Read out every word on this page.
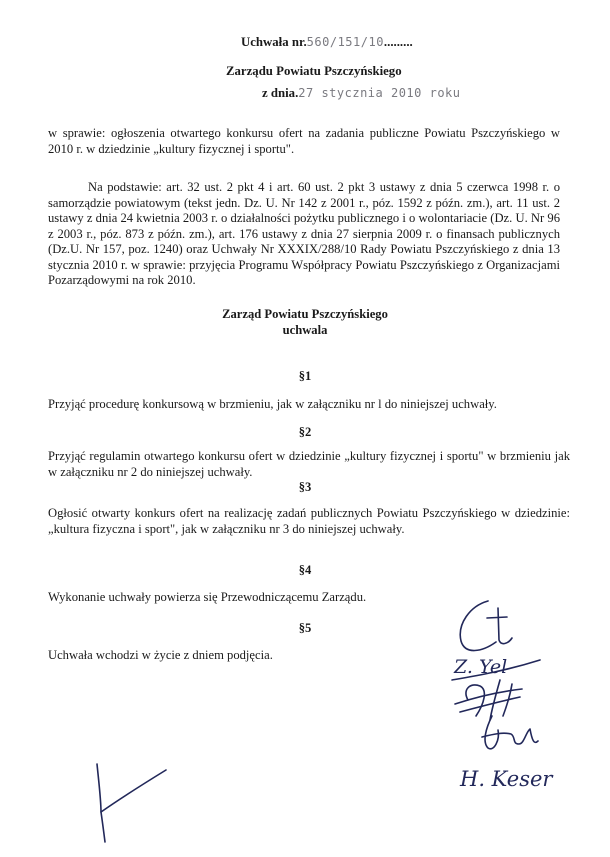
Uchwała nr.560/151/10.........
Zarządu Powiatu Pszczyńskiego
z dnia.27 stycznia 2010 roku
w sprawie: ogłoszenia otwartego konkursu ofert na zadania publiczne Powiatu Pszczyńskiego w 2010 r. w dziedzinie „kultury fizycznej i sportu".
Na podstawie: art. 32 ust. 2 pkt 4 i art. 60 ust. 2 pkt 3 ustawy z dnia 5 czerwca 1998 r. o samorządzie powiatowym (tekst jedn. Dz. U. Nr 142 z 2001 r., póz. 1592 z późn. zm.), art. 11 ust. 2 ustawy z dnia 24 kwietnia 2003 r. o działalności pożytku publicznego i o wolontariacie (Dz. U. Nr 96 z 2003 r., póz. 873 z późn. zm.), art. 176 ustawy z dnia 27 sierpnia 2009 r. o finansach publicznych (Dz.U. Nr 157, poz. 1240) oraz Uchwały Nr XXXIX/288/10 Rady Powiatu Pszczyńskiego z dnia 13 stycznia 2010 r. w sprawie: przyjęcia Programu Współpracy Powiatu Pszczyńskiego z Organizacjami Pozarządowymi na rok 2010.
Zarząd Powiatu Pszczyńskiego
uchwala
§1
Przyjąć procedurę konkursową w brzmieniu, jak w załączniku nr l do niniejszej uchwały.
§2
Przyjąć regulamin otwartego konkursu ofert w dziedzinie „kultury fizycznej i sportu" w brzmieniu jak w załączniku nr 2 do niniejszej uchwały.
§3
Ogłosić otwarty konkurs ofert na realizację zadań publicznych Powiatu Pszczyńskiego w dziedzinie: „kultura fizyczna i sport", jak w załączniku nr 3 do niniejszej uchwały.
§4
Wykonanie uchwały powierza się Przewodniczącemu Zarządu.
§5
Uchwała wchodzi w życie z dniem podjęcia.
Z. Yel
H. Keser
